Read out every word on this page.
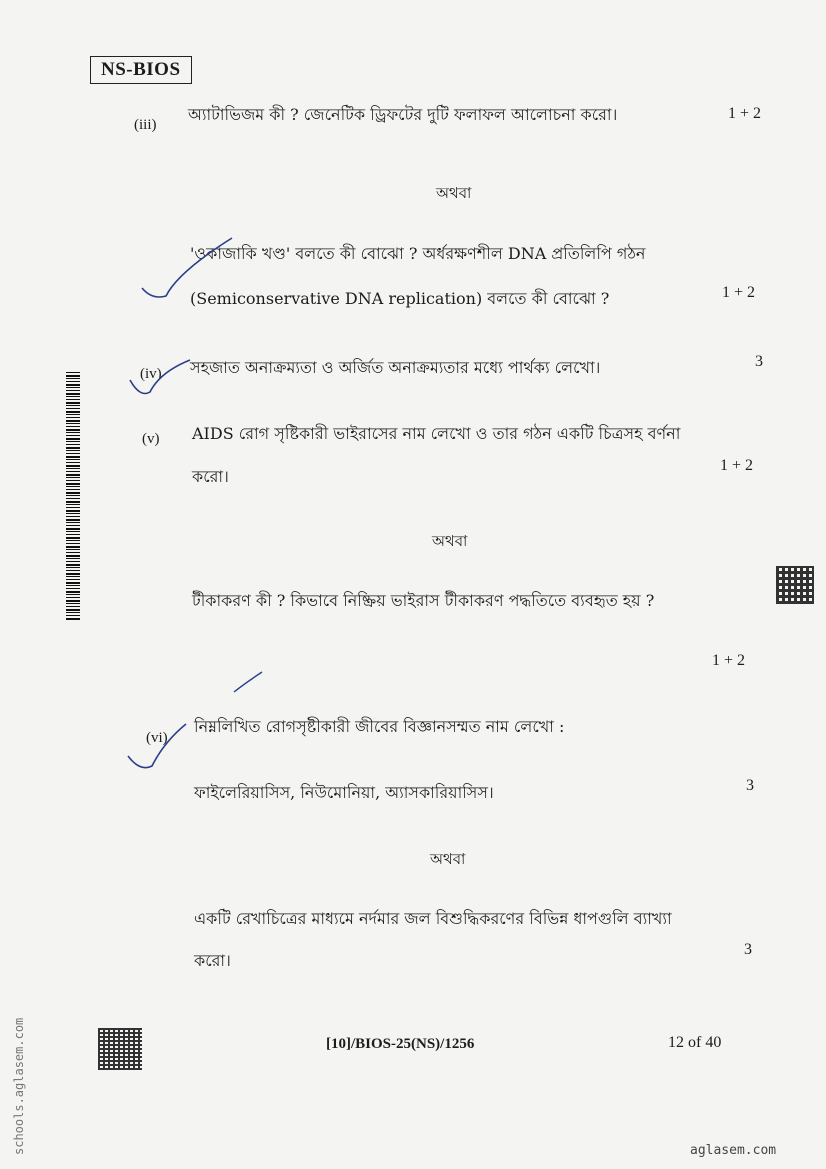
NS-BIOS
(iii)
অ্যাটাভিজম কী ? জেনেটিক ড্রিফটের দুটি ফলাফল আলোচনা করো।	1 + 2
অথবা
'ওকাজাকি খণ্ড' বলতে কী বোঝো ? অর্ধরক্ষণশীল DNA প্রতিলিপি গঠন
(Semiconservative DNA replication) বলতে কী বোঝো ?	1 + 2
(iv) সহজাত অনাক্রম্যতা ও অর্জিত অনাক্রম্যতার মধ্যে পার্থক্য লেখো।	3
(v) AIDS রোগ সৃষ্টিকারী ভাইরাসের নাম লেখো ও তার গঠন একটি চিত্রসহ বর্ণনা
করো।
1 + 2
অথবা
টীকাকরণ কী ? কিভাবে নিষ্ক্রিয় ভাইরাস টীকাকরণ পদ্ধতিতে ব্যবহৃত হয় ?
1 + 2
(vi)
নিম্নলিখিত রোগসৃষ্টীকারী জীবের বিজ্ঞানসম্মত নাম লেখো :
ফাইলেরিয়াসিস, নিউমোনিয়া, অ্যাসকারিয়াসিস।	3
অথবা
একটি রেখাচিত্রের মাধ্যমে নর্দমার জল বিশুদ্ধিকরণের বিভিন্ন ধাপগুলি ব্যাখ্যা
করো।
3
[10]/BIOS-25(NS)/1256	12 of 40
schools.aglasem.com	aglasem.com
